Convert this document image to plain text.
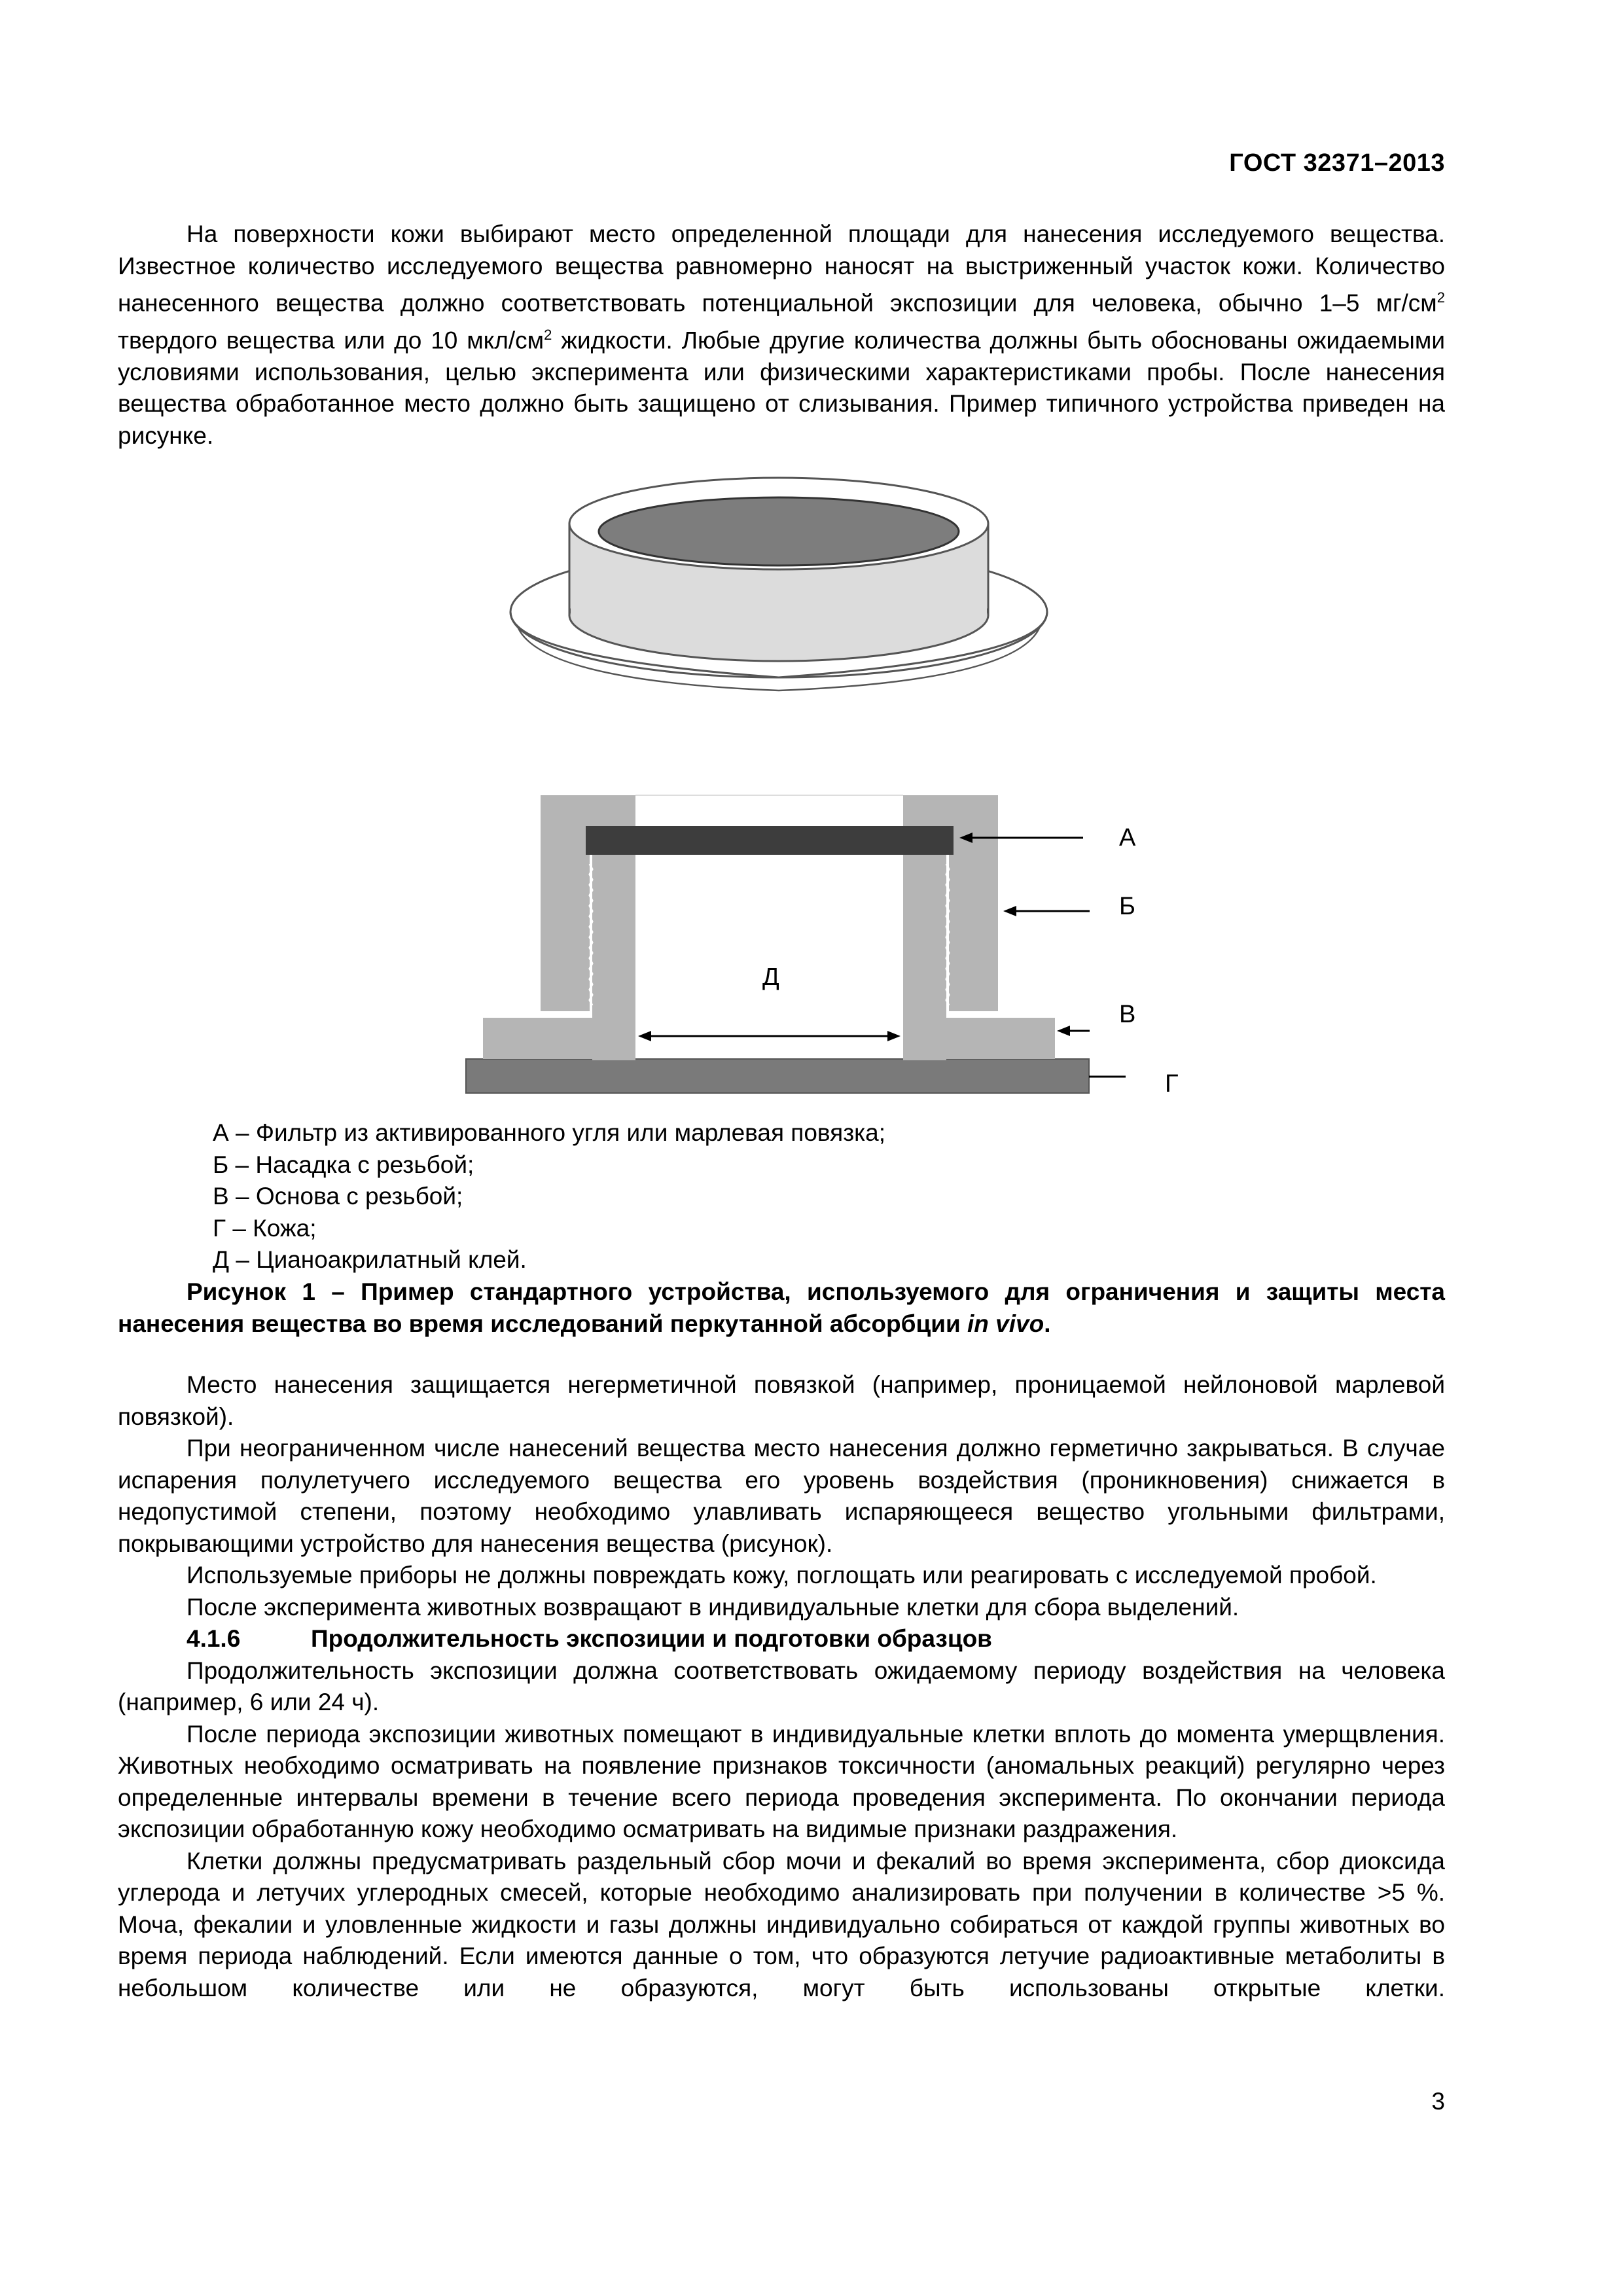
ГОСТ 32371–2013

На поверхности кожи выбирают место определенной площади для нанесения исследуемого вещества. Известное количество исследуемого вещества равномерно наносят на выстриженный участок кожи. Количество нанесенного вещества должно соответствовать потенциальной экспозиции для человека, обычно 1–5 $мг/см^2$ твердого вещества или до 10 мкл/$см^2$ жидкости. Любые другие количества должны быть обоснованы ожидаемыми условиями использования, целью эксперимента или физическими характеристиками пробы. После нанесения вещества обработанное место должно быть защищено от слизывания. Пример типичного устройства приведен на рисунке.

А
Б
В
Г
Д
А – Фильтр из активированного угля или марлевая повязка;
Б – Насадка с резьбой;
В – Основа с резьбой;
Г – Кожа;
Д – Цианоакрилатный клей.
Рисунок 1 – Пример стандартного устройства, используемого для ограничения и защиты места нанесения вещества во время исследований перкутанной абсорбции in vivo.

Место нанесения защищается негерметичной повязкой (например, проницаемой нейлоновой марлевой повязкой).

При неограниченном числе нанесений вещества место нанесения должно герметично закрываться. В случае испарения полулетучего исследуемого вещества его уровень воздействия (проникновения) снижается в недопустимой степени, поэтому необходимо улавливать испаряющееся вещество угольными фильтрами, покрывающими устройство для нанесения вещества (рисунок).

Используемые приборы не должны повреждать кожу, поглощать или реагировать с исследуемой пробой.

После эксперимента животных возвращают в индивидуальные клетки для сбора выделений.

4.1.6	Продолжительность экспозиции и подготовки образцов

Продолжительность экспозиции должна соответствовать ожидаемому периоду воздействия на человека (например, 6 или 24 ч).

После периода экспозиции животных помещают в индивидуальные клетки вплоть до момента умерщвления. Животных необходимо осматривать на появление признаков токсичности (аномальных реакций) регулярно через определенные интервалы времени в течение всего периода проведения эксперимента. По окончании периода экспозиции обработанную кожу необходимо осматривать на видимые признаки раздражения.

Клетки должны предусматривать раздельный сбор мочи и фекалий во время эксперимента, сбор диоксида углерода и летучих углеродных смесей, которые необходимо анализировать при получении в количестве >5 %. Моча, фекалии и уловленные жидкости и газы должны индивидуально собираться от каждой группы животных во время периода наблюдений. Если имеются данные о том, что образуются летучие радиоактивные метаболиты в небольшом количестве или не образуются, могут быть использованы открытые клетки.

3
